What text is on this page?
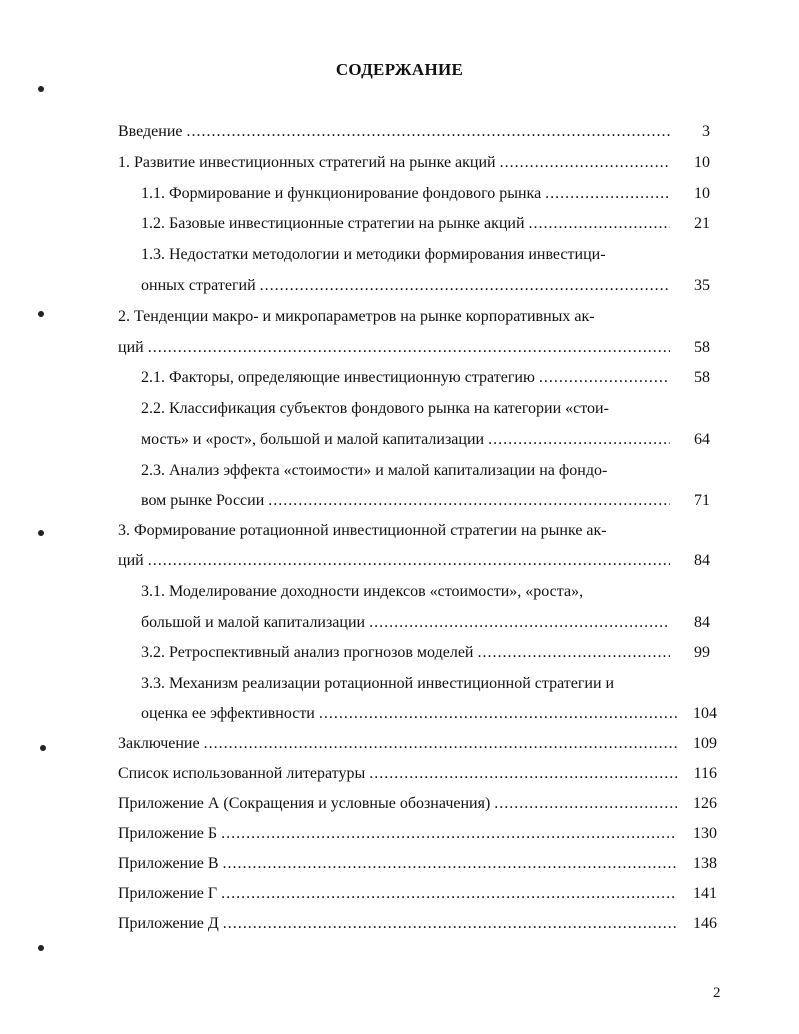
СОДЕРЖАНИЕ
Введение .....	3
1. Развитие инвестиционных стратегий на рынке акций .....	10
1.1. Формирование и функционирование фондового рынка .....	10
1.2. Базовые инвестиционные стратегии на рынке акций .....	21
1.3. Недостатки методологии и методики формирования инвестици-
онных стратегий .....	35
2. Тенденции макро- и микропараметров на рынке корпоративных ак-
ций .....	58
2.1. Факторы, определяющие инвестиционную стратегию .....	58
2.2. Классификация субъектов фондового рынка на категории «стои-
мость» и «рост», большой и малой капитализации .....	64
2.3. Анализ эффекта «стоимости» и малой капитализации на фондо-
вом рынке России .....	71
3. Формирование ротационной инвестиционной стратегии на рынке ак-
ций .....	84
3.1. Моделирование доходности индексов «стоимости», «роста»,
большой и малой капитализации .....	84
3.2. Ретроспективный анализ прогнозов моделей .....	99
3.3. Механизм реализации ротационной инвестиционной стратегии и
оценка ее эффективности .....	104
Заключение .....	109
Список использованной литературы .....	116
Приложение А (Сокращения и условные обозначения) .....	126
Приложение Б .....	130
Приложение В .....	138
Приложение Г .....	141
Приложение Д .....	146
2
